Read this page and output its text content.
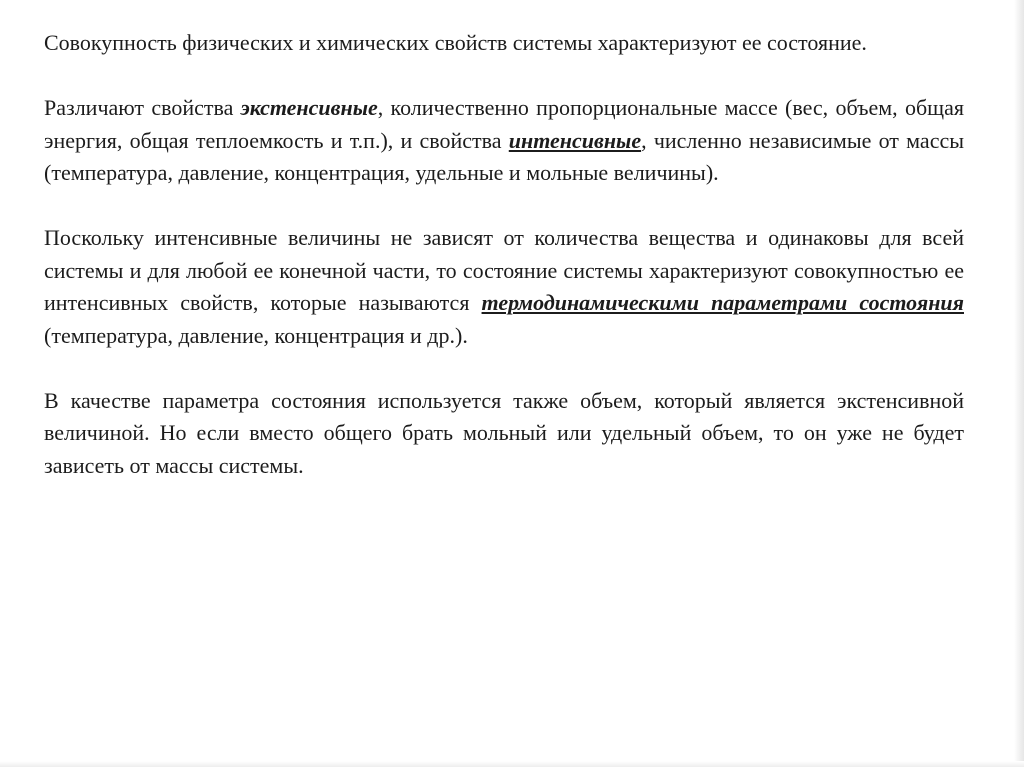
Совокупность физических и химических свойств системы характеризуют ее состояние.

Различают свойства экстенсивные, количественно пропорциональные массе (вес, объем, общая энергия, общая теплоемкость и т.п.), и свойства интенсивные, численно независимые от массы (температура, давление, концентрация, удельные и мольные величины).

Поскольку интенсивные величины не зависят от количества вещества и одинаковы для всей системы и для любой ее конечной части, то состояние системы характеризуют совокупностью ее интенсивных свойств, которые называются термодинамическими параметрами состояния (температура, давление, концентрация и др.).

В качестве параметра состояния используется также объем, который является экстенсивной величиной. Но если вместо общего брать мольный или удельный объем, то он уже не будет зависеть от массы системы.
